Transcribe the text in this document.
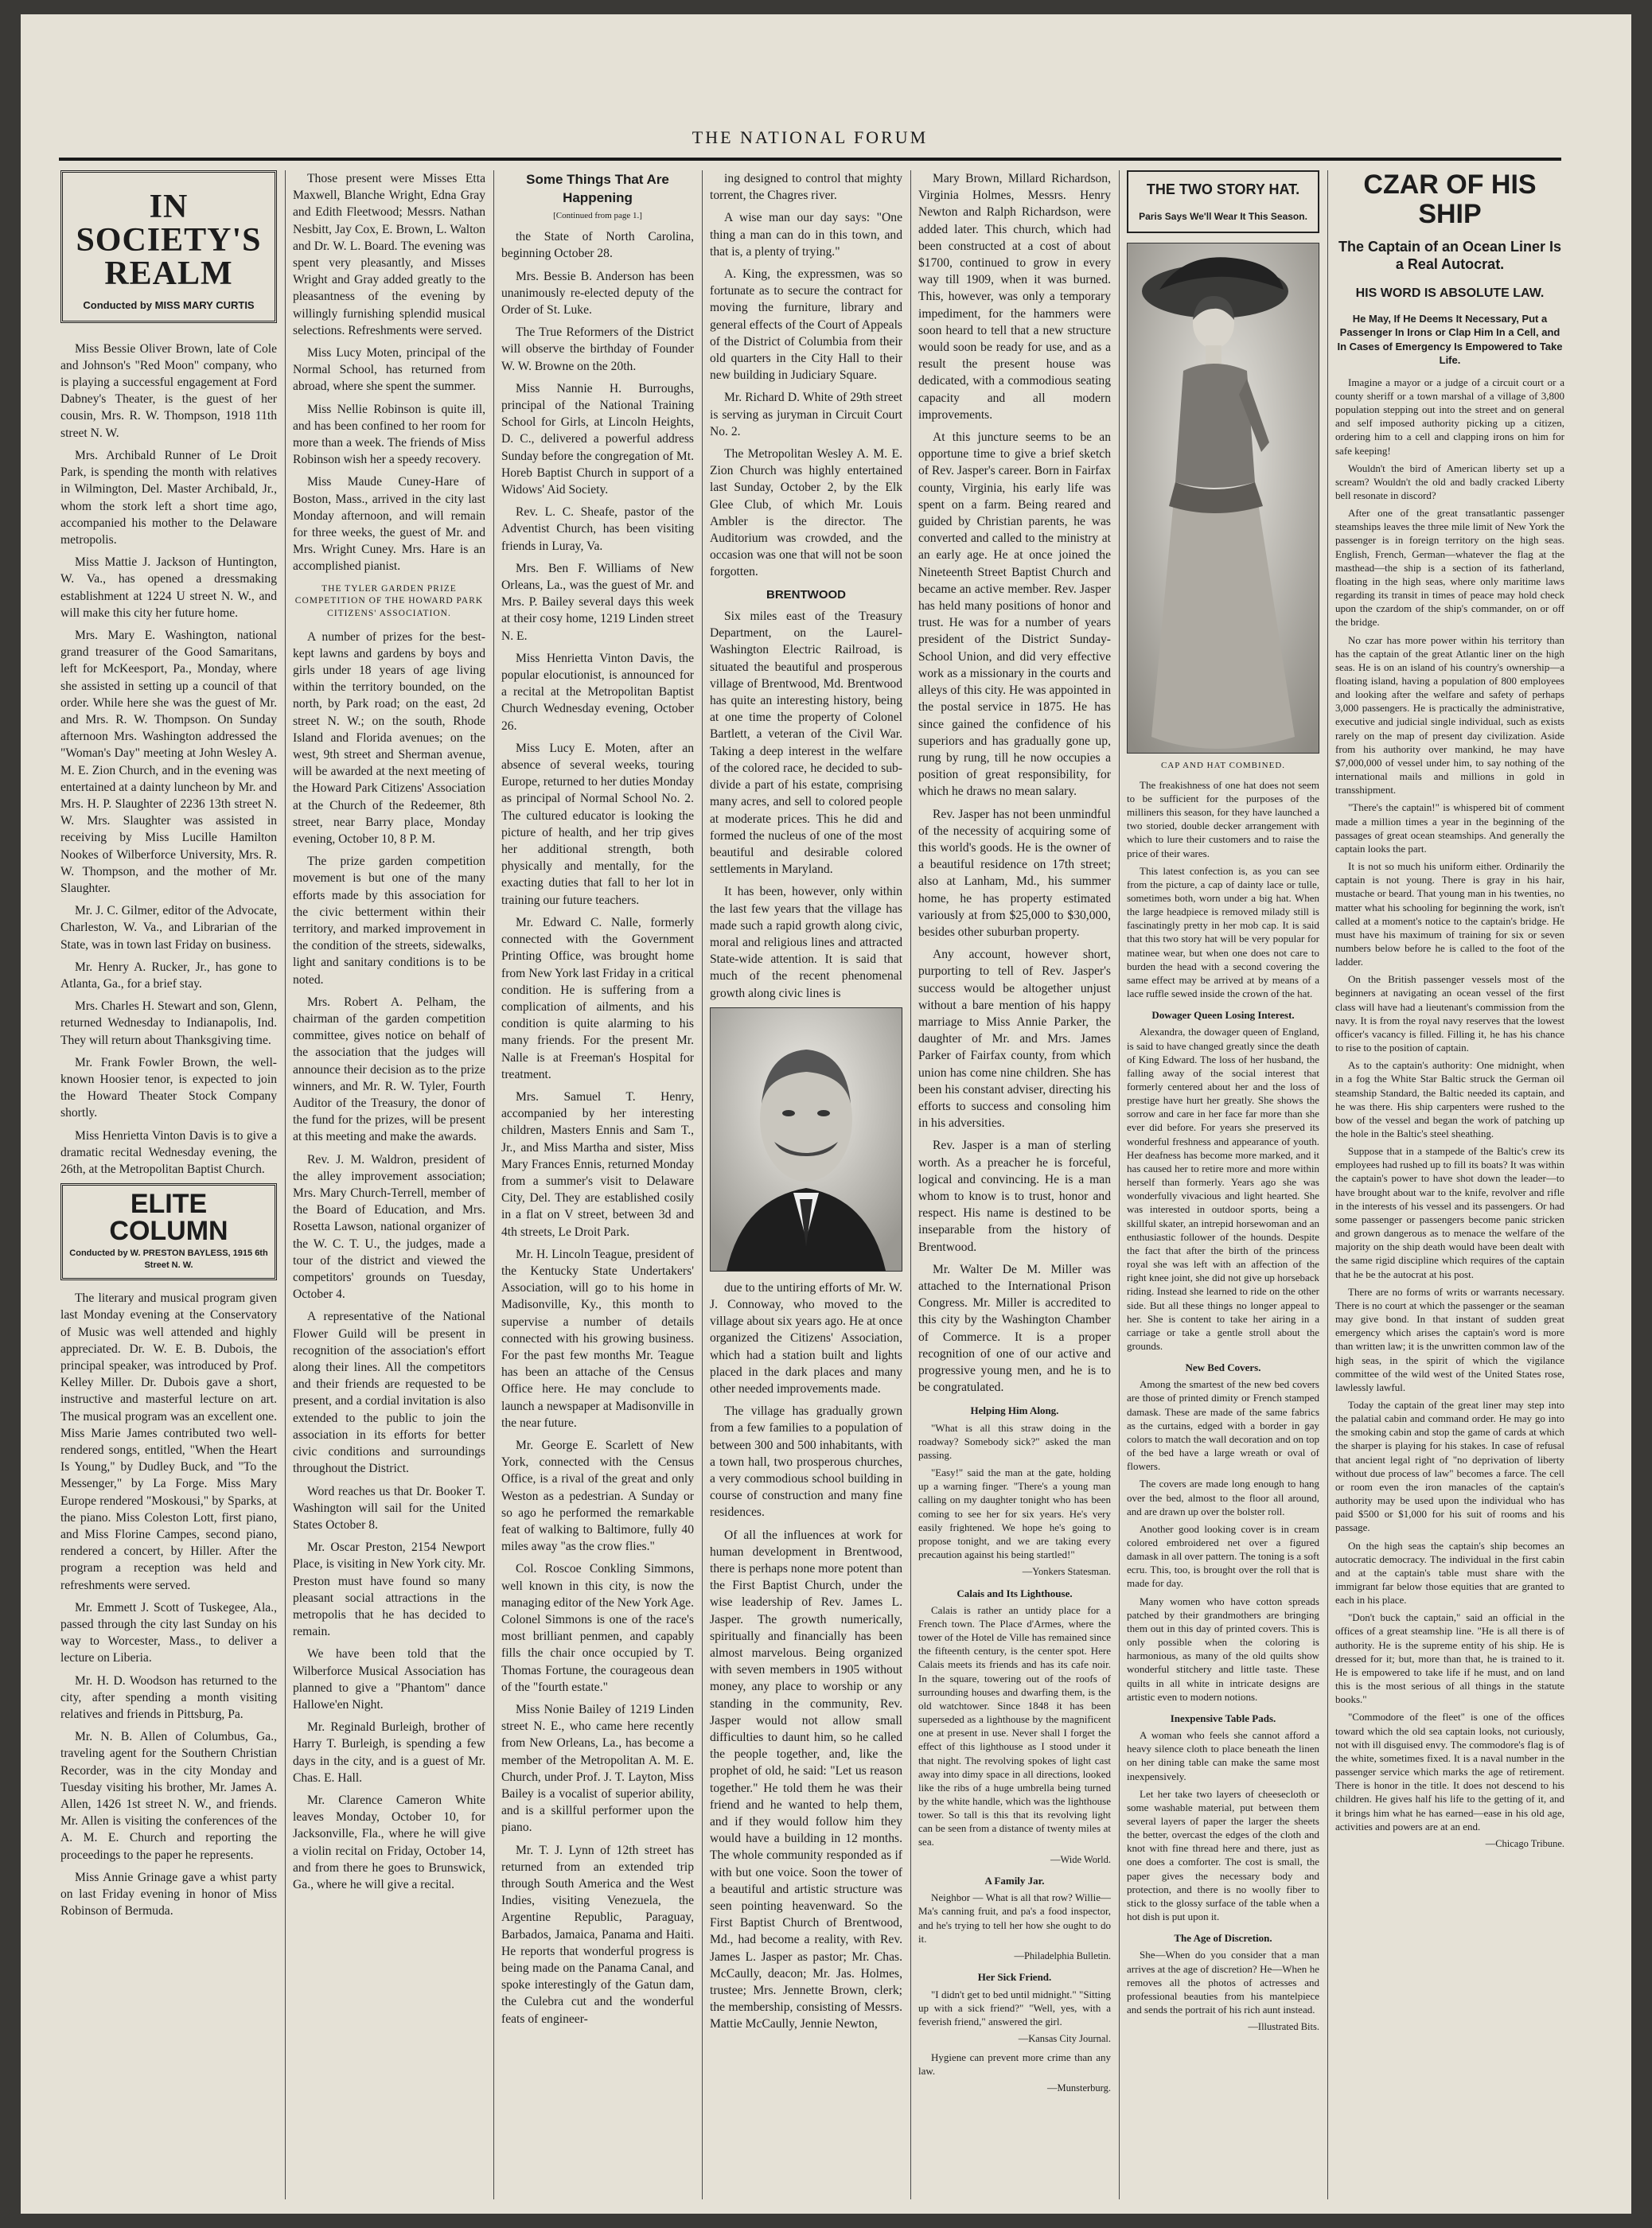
THE NATIONAL FORUM
IN SOCIETY'S REALM
Conducted by MISS MARY CURTIS

Miss Bessie Oliver Brown, late of Cole and Johnson's "Red Moon" company, who is playing a successful engagement at Ford Dabney's Theater, is the guest of her cousin, Mrs. R. W. Thompson, 1918 11th street N. W.

Mrs. Archibald Runner of Le Droit Park, is spending the month with relatives in Wilmington, Del. Master Archibald, Jr., whom the stork left a short time ago, accompanied his mother to the Delaware metropolis.

Miss Mattie J. Jackson of Huntington, W. Va., has opened a dressmaking establishment at 1224 U street N. W., and will make this city her future home.

Mrs. Mary E. Washington, national grand treasurer of the Good Samaritans, left for McKeesport, Pa., Monday, where she assisted in setting up a council of that order. While here she was the guest of Mr. and Mrs. R. W. Thompson. On Sunday afternoon Mrs. Washington addressed the "Woman's Day" meeting at John Wesley A. M. E. Zion Church, and in the evening was entertained at a dainty luncheon by Mr. and Mrs. H. P. Slaughter of 2236 13th street N. W. Mrs. Slaughter was assisted in receiving by Miss Lucille Hamilton Nookes of Wilberforce University, Mrs. R. W. Thompson, and the mother of Mr. Slaughter.

Mr. J. C. Gilmer, editor of the Advocate, Charleston, W. Va., and Librarian of the State, was in town last Friday on business.

Mr. Henry A. Rucker, Jr., has gone to Atlanta, Ga., for a brief stay.

Mrs. Charles H. Stewart and son, Glenn, returned Wednesday to Indianapolis, Ind. They will return about Thanksgiving time.

Mr. Frank Fowler Brown, the well-known Hoosier tenor, is expected to join the Howard Theater Stock Company shortly.

Miss Henrietta Vinton Davis is to give a dramatic recital Wednesday evening, the 26th, at the Metropolitan Baptist Church.

ELITE COLUMN
Conducted by W. PRESTON BAYLESS, 1915 6th Street N. W.

The literary and musical program given last Monday evening at the Conservatory of Music was well attended and highly appreciated. Dr. W. E. B. Dubois, the principal speaker, was introduced by Prof. Kelley Miller. Dr. Dubois gave a short, instructive and masterful lecture on art. The musical program was an excellent one. Miss Marie James contributed two well-rendered songs, entitled, "When the Heart Is Young," by Dudley Buck, and "To the Messenger," by La Forge. Miss Mary Europe rendered "Moskousi," by Sparks, at the piano. Miss Coleston Lott, first piano, and Miss Florine Campes, second piano, rendered a concert, by Hiller. After the program a reception was held and refreshments were served.

Mr. Emmett J. Scott of Tuskegee, Ala., passed through the city last Sunday on his way to Worcester, Mass., to deliver a lecture on Liberia.

Mr. H. D. Woodson has returned to the city, after spending a month visiting relatives and friends in Pittsburg, Pa.

Mr. N. B. Allen of Columbus, Ga., traveling agent for the Southern Christian Recorder, was in the city Monday and Tuesday visiting his brother, Mr. James A. Allen, 1426 1st street N. W., and friends. Mr. Allen is visiting the conferences of the A. M. E. Church and reporting the proceedings to the paper he represents.

Miss Annie Grinage gave a whist party on last Friday evening in honor of Miss Robinson of Bermuda.

Those present were Misses Etta Maxwell, Blanche Wright, Edna Gray and Edith Fleetwood; Messrs. Nathan Nesbitt, Jay Cox, E. Brown, L. Walton and Dr. W. L. Board. The evening was spent very pleasantly, and Misses Wright and Gray added greatly to the pleasantness of the evening by willingly furnishing splendid musical selections. Refreshments were served.

Miss Lucy Moten, principal of the Normal School, has returned from abroad, where she spent the summer.

Miss Nellie Robinson is quite ill, and has been confined to her room for more than a week. The friends of Miss Robinson wish her a speedy recovery.

Miss Maude Cuney-Hare of Boston, Mass., arrived in the city last Monday afternoon, and will remain for three weeks, the guest of Mr. and Mrs. Wright Cuney. Mrs. Hare is an accomplished pianist.

THE TYLER GARDEN PRIZE COMPETITION OF THE HOWARD PARK CITIZENS' ASSOCIATION.

A number of prizes for the best-kept lawns and gardens by boys and girls under 18 years of age living within the territory bounded, on the north, by Park road; on the east, 2d street N. W.; on the south, Rhode Island and Florida avenues; on the west, 9th street and Sherman avenue, will be awarded at the next meeting of the Howard Park Citizens' Association at the Church of the Redeemer, 8th street, near Barry place, Monday evening, October 10, 8 P. M.

The prize garden competition movement is but one of the many efforts made by this association for the civic betterment within their territory, and marked improvement in the condition of the streets, sidewalks, light and sanitary conditions is to be noted.

Mrs. Robert A. Pelham, the chairman of the garden competition committee, gives notice on behalf of the association that the judges will announce their decision as to the prize winners, and Mr. R. W. Tyler, Fourth Auditor of the Treasury, the donor of the fund for the prizes, will be present at this meeting and make the awards.

Rev. J. M. Waldron, president of the alley improvement association; Mrs. Mary Church-Terrell, member of the Board of Education, and Mrs. Rosetta Lawson, national organizer of the W. C. T. U., the judges, made a tour of the district and viewed the competitors' grounds on Tuesday, October 4.

A representative of the National Flower Guild will be present in recognition of the association's effort along their lines. All the competitors and their friends are requested to be present, and a cordial invitation is also extended to the public to join the association in its efforts for better civic conditions and surroundings throughout the District.

Word reaches us that Dr. Booker T. Washington will sail for the United States October 8.

Mr. Oscar Preston, 2154 Newport Place, is visiting in New York city. Mr. Preston must have found so many pleasant social attractions in the metropolis that he has decided to remain.

We have been told that the Wilberforce Musical Association has planned to give a "Phantom" dance Hallowe'en Night.

Mr. Reginald Burleigh, brother of Harry T. Burleigh, is spending a few days in the city, and is a guest of Mr. Chas. E. Hall.

Mr. Clarence Cameron White leaves Monday, October 10, for Jacksonville, Fla., where he will give a violin recital on Friday, October 14, and from there he goes to Brunswick, Ga., where he will give a recital.

Some Things That Are Happening
[Continued from page 1.]

the State of North Carolina, beginning October 28.

Mrs. Bessie B. Anderson has been unanimously re-elected deputy of the Order of St. Luke.

The True Reformers of the District will observe the birthday of Founder W. W. Browne on the 20th.

Miss Nannie H. Burroughs, principal of the National Training School for Girls, at Lincoln Heights, D. C., delivered a powerful address Sunday before the congregation of Mt. Horeb Baptist Church in support of a Widows' Aid Society.

Rev. L. C. Sheafe, pastor of the Adventist Church, has been visiting friends in Luray, Va.

Mrs. Ben F. Williams of New Orleans, La., was the guest of Mr. and Mrs. P. Bailey several days this week at their cosy home, 1219 Linden street N. E.

Miss Henrietta Vinton Davis, the popular elocutionist, is announced for a recital at the Metropolitan Baptist Church Wednesday evening, October 26.

Miss Lucy E. Moten, after an absence of several weeks, touring Europe, returned to her duties Monday as principal of Normal School No. 2. The cultured educator is looking the picture of health, and her trip gives her additional strength, both physically and mentally, for the exacting duties that fall to her lot in training our future teachers.

Mr. Edward C. Nalle, formerly connected with the Government Printing Office, was brought home from New York last Friday in a critical condition. He is suffering from a complication of ailments, and his condition is quite alarming to his many friends. For the present Mr. Nalle is at Freeman's Hospital for treatment.

Mrs. Samuel T. Henry, accompanied by her interesting children, Masters Ennis and Sam T., Jr., and Miss Martha and sister, Miss Mary Frances Ennis, returned Monday from a summer's visit to Delaware City, Del. They are established cosily in a flat on V street, between 3d and 4th streets, Le Droit Park.

Mr. H. Lincoln Teague, president of the Kentucky State Undertakers' Association, will go to his home in Madisonville, Ky., this month to supervise a number of details connected with his growing business. For the past few months Mr. Teague has been an attache of the Census Office here. He may conclude to launch a newspaper at Madisonville in the near future.

Mr. George E. Scarlett of New York, connected with the Census Office, is a rival of the great and only Weston as a pedestrian. A Sunday or so ago he performed the remarkable feat of walking to Baltimore, fully 40 miles away "as the crow flies."

Col. Roscoe Conkling Simmons, well known in this city, is now the managing editor of the New York Age. Colonel Simmons is one of the race's most brilliant penmen, and capably fills the chair once occupied by T. Thomas Fortune, the courageous dean of the "fourth estate."

Miss Nonie Bailey of 1219 Linden street N. E., who came here recently from New Orleans, La., has become a member of the Metropolitan A. M. E. Church, under Prof. J. T. Layton, Miss Bailey is a vocalist of superior ability, and is a skillful performer upon the piano.

Mr. T. J. Lynn of 12th street has returned from an extended trip through South America and the West Indies, visiting Venezuela, the Argentine Republic, Paraguay, Barbados, Jamaica, Panama and Haiti. He reports that wonderful progress is being made on the Panama Canal, and spoke interestingly of the Gatun dam, the Culebra cut and the wonderful feats of engineer-

ing designed to control that mighty torrent, the Chagres river.

A wise man our day says: "One thing a man can do in this town, and that is, a plenty of trying."

A. King, the expressmen, was so fortunate as to secure the contract for moving the furniture, library and general effects of the Court of Appeals of the District of Columbia from their old quarters in the City Hall to their new building in Judiciary Square.

Mr. Richard D. White of 29th street is serving as juryman in Circuit Court No. 2.

The Metropolitan Wesley A. M. E. Zion Church was highly entertained last Sunday, October 2, by the Elk Glee Club, of which Mr. Louis Ambler is the director. The Auditorium was crowded, and the occasion was one that will not be soon forgotten.

BRENTWOOD

Six miles east of the Treasury Department, on the Laurel-Washington Electric Railroad, is situated the beautiful and prosperous village of Brentwood, Md. Brentwood has quite an interesting history, being at one time the property of Colonel Bartlett, a veteran of the Civil War. Taking a deep interest in the welfare of the colored race, he decided to sub-divide a part of his estate, comprising many acres, and sell to colored people at moderate prices. This he did and formed the nucleus of one of the most beautiful and desirable colored settlements in Maryland.

It has been, however, only within the last few years that the village has made such a rapid growth along civic, moral and religious lines and attracted State-wide attention. It is said that much of the recent phenomenal growth along civic lines is

due to the untiring efforts of Mr. W. J. Connoway, who moved to the village about six years ago. He at once organized the Citizens' Association, which had a station built and lights placed in the dark places and many other needed improvements made.

The village has gradually grown from a few families to a population of between 300 and 500 inhabitants, with a town hall, two prosperous churches, a very commodious school building in course of construction and many fine residences.

Of all the influences at work for human development in Brentwood, there is perhaps none more potent than the First Baptist Church, under the wise leadership of Rev. James L. Jasper. The growth numerically, spiritually and financially has been almost marvelous. Being organized with seven members in 1905 without money, any place to worship or any standing in the community, Rev. Jasper would not allow small difficulties to daunt him, so he called the people together, and, like the prophet of old, he said: "Let us reason together." He told them he was their friend and he wanted to help them, and if they would follow him they would have a building in 12 months. The whole community responded as if with but one voice. Soon the tower of a beautiful and artistic structure was seen pointing heavenward. So the First Baptist Church of Brentwood, Md., had become a reality, with Rev. James L. Jasper as pastor; Mr. Chas. McCaully, deacon; Mr. Jas. Holmes, trustee; Mrs. Jennette Brown, clerk; the membership, consisting of Messrs. Mattie McCaully, Jennie Newton,

Mary Brown, Millard Richardson, Virginia Holmes, Messrs. Henry Newton and Ralph Richardson, were added later. This church, which had been constructed at a cost of about $1700, continued to grow in every way till 1909, when it was burned. This, however, was only a temporary impediment, for the hammers were soon heard to tell that a new structure would soon be ready for use, and as a result the present house was dedicated, with a commodious seating capacity and all modern improvements.

At this juncture seems to be an opportune time to give a brief sketch of Rev. Jasper's career. Born in Fairfax county, Virginia, his early life was spent on a farm. Being reared and guided by Christian parents, he was converted and called to the ministry at an early age. He at once joined the Nineteenth Street Baptist Church and became an active member. Rev. Jasper has held many positions of honor and trust. He was for a number of years president of the District Sunday-School Union, and did very effective work as a missionary in the courts and alleys of this city. He was appointed in the postal service in 1875. He has since gained the confidence of his superiors and has gradually gone up, rung by rung, till he now occupies a position of great responsibility, for which he draws no mean salary.

Rev. Jasper has not been unmindful of the necessity of acquiring some of this world's goods. He is the owner of a beautiful residence on 17th street; also at Lanham, Md., his summer home, he has property estimated variously at from $25,000 to $30,000, besides other suburban property.

Any account, however short, purporting to tell of Rev. Jasper's success would be altogether unjust without a bare mention of his happy marriage to Miss Annie Parker, the daughter of Mr. and Mrs. James Parker of Fairfax county, from which union has come nine children. She has been his constant adviser, directing his efforts to success and consoling him in his adversities.

Rev. Jasper is a man of sterling worth. As a preacher he is forceful, logical and convincing. He is a man whom to know is to trust, honor and respect. His name is destined to be inseparable from the history of Brentwood.

Mr. Walter De M. Miller was attached to the International Prison Congress. Mr. Miller is accredited to this city by the Washington Chamber of Commerce. It is a proper recognition of one of our active and progressive young men, and he is to be congratulated.

Helping Him Along.

"What is all this straw doing in the roadway? Somebody sick?" asked the man passing.

"Easy!" said the man at the gate, holding up a warning finger. "There's a young man calling on my daughter tonight who has been coming to see her for six years. He's very easily frightened. We hope he's going to propose tonight, and we are taking every precaution against his being startled!"

—Yonkers Statesman.
Calais and Its Lighthouse.

Calais is rather an untidy place for a French town. The Place d'Armes, where the tower of the Hotel de Ville has remained since the fifteenth century, is the center spot. Here Calais meets its friends and has its cafe noir. In the square, towering out of the roofs of surrounding houses and dwarfing them, is the old watchtower. Since 1848 it has been superseded as a lighthouse by the magnificent one at present in use. Never shall I forget the effect of this lighthouse as I stood under it that night. The revolving spokes of light cast away into dimy space in all directions, looked like the ribs of a huge umbrella being turned by the white handle, which was the lighthouse tower. So tall is this that its revolving light can be seen from a distance of twenty miles at sea.

—Wide World.
A Family Jar.

Neighbor — What is all that row? Willie—Ma's canning fruit, and pa's a food inspector, and he's trying to tell her how she ought to do it.

—Philadelphia Bulletin.
Her Sick Friend.

"I didn't get to bed until midnight." "Sitting up with a sick friend?" "Well, yes, with a feverish friend," answered the girl.

—Kansas City Journal.

Hygiene can prevent more crime than any law.

—Munsterburg.
THE TWO STORY HAT.
Paris Says We'll Wear It This Season.
CAP AND HAT COMBINED.

The freakishness of one hat does not seem to be sufficient for the purposes of the milliners this season, for they have launched a two storied, double decker arrangement with which to lure their customers and to raise the price of their wares.

This latest confection is, as you can see from the picture, a cap of dainty lace or tulle, sometimes both, worn under a big hat. When the large headpiece is removed milady still is fascinatingly pretty in her mob cap. It is said that this two story hat will be very popular for matinee wear, but when one does not care to burden the head with a second covering the same effect may be arrived at by means of a lace ruffle sewed inside the crown of the hat.

Dowager Queen Losing Interest.

Alexandra, the dowager queen of England, is said to have changed greatly since the death of King Edward. The loss of her husband, the falling away of the social interest that formerly centered about her and the loss of prestige have hurt her greatly. She shows the sorrow and care in her face far more than she ever did before. For years she preserved its wonderful freshness and appearance of youth. Her deafness has become more marked, and it has caused her to retire more and more within herself than formerly. Years ago she was wonderfully vivacious and light hearted. She was interested in outdoor sports, being a skillful skater, an intrepid horsewoman and an enthusiastic follower of the hounds. Despite the fact that after the birth of the princess royal she was left with an affection of the right knee joint, she did not give up horseback riding. Instead she learned to ride on the other side. But all these things no longer appeal to her. She is content to take her airing in a carriage or take a gentle stroll about the grounds.

New Bed Covers.

Among the smartest of the new bed covers are those of printed dimity or French stamped damask. These are made of the same fabrics as the curtains, edged with a border in gay colors to match the wall decoration and on top of the bed have a large wreath or oval of flowers.

The covers are made long enough to hang over the bed, almost to the floor all around, and are drawn up over the bolster roll.

Another good looking cover is in cream colored embroidered net over a figured damask in all over pattern. The toning is a soft ecru. This, too, is brought over the roll that is made for day.

Many women who have cotton spreads patched by their grandmothers are bringing them out in this day of printed covers. This is only possible when the coloring is harmonious, as many of the old quilts show wonderful stitchery and little taste. These quilts in all white in intricate designs are artistic even to modern notions.

Inexpensive Table Pads.

A woman who feels she cannot afford a heavy silence cloth to place beneath the linen on her dining table can make the same most inexpensively.

Let her take two layers of cheesecloth or some washable material, put between them several layers of paper the larger the sheets the better, overcast the edges of the cloth and knot with fine thread here and there, just as one does a comforter. The cost is small, the paper gives the necessary body and protection, and there is no woolly fiber to stick to the glossy surface of the table when a hot dish is put upon it.

The Age of Discretion.

She—When do you consider that a man arrives at the age of discretion? He—When he removes all the photos of actresses and professional beauties from his mantelpiece and sends the portrait of his rich aunt instead.

—Illustrated Bits.
CZAR OF HIS SHIP
The Captain of an Ocean Liner Is a Real Autocrat.
HIS WORD IS ABSOLUTE LAW.
He May, If He Deems It Necessary, Put a Passenger In Irons or Clap Him In a Cell, and In Cases of Emergency Is Empowered to Take Life.

Imagine a mayor or a judge of a circuit court or a county sheriff or a town marshal of a village of 3,800 population stepping out into the street and on general and self imposed authority picking up a citizen, ordering him to a cell and clapping irons on him for safe keeping!

Wouldn't the bird of American liberty set up a scream? Wouldn't the old and badly cracked Liberty bell resonate in discord?

After one of the great transatlantic passenger steamships leaves the three mile limit of New York the passenger is in foreign territory on the high seas. English, French, German—whatever the flag at the masthead—the ship is a section of its fatherland, floating in the high seas, where only maritime laws regarding its transit in times of peace may hold check upon the czardom of the ship's commander, on or off the bridge.

No czar has more power within his territory than has the captain of the great Atlantic liner on the high seas. He is on an island of his country's ownership—a floating island, having a population of 800 employees and looking after the welfare and safety of perhaps 3,000 passengers. He is practically the administrative, executive and judicial single individual, such as exists rarely on the map of present day civilization. Aside from his authority over mankind, he may have $7,000,000 of vessel under him, to say nothing of the international mails and millions in gold in transshipment.

"There's the captain!" is whispered bit of comment made a million times a year in the beginning of the passages of great ocean steamships. And generally the captain looks the part.

It is not so much his uniform either. Ordinarily the captain is not young. There is gray in his hair, mustache or beard. That young man in his twenties, no matter what his schooling for beginning the work, isn't called at a moment's notice to the captain's bridge. He must have his maximum of training for six or seven numbers below before he is called to the foot of the ladder.

On the British passenger vessels most of the beginners at navigating an ocean vessel of the first class will have had a lieutenant's commission from the navy. It is from the royal navy reserves that the lowest officer's vacancy is filled. Filling it, he has his chance to rise to the position of captain.

As to the captain's authority: One midnight, when in a fog the White Star Baltic struck the German oil steamship Standard, the Baltic needed its captain, and he was there. His ship carpenters were rushed to the bow of the vessel and began the work of patching up the hole in the Baltic's steel sheathing.

Suppose that in a stampede of the Baltic's crew its employees had rushed up to fill its boats? It was within the captain's power to have shot down the leader—to have brought about war to the knife, revolver and rifle in the interests of his vessel and its passengers. Or had some passenger or passengers become panic stricken and grown dangerous as to menace the welfare of the majority on the ship death would have been dealt with the same rigid discipline which requires of the captain that he be the autocrat at his post.

There are no forms of writs or warrants necessary. There is no court at which the passenger or the seaman may give bond. In that instant of sudden great emergency which arises the captain's word is more than written law; it is the unwritten common law of the high seas, in the spirit of which the vigilance committee of the wild west of the United States rose, lawlessly lawful.

Today the captain of the great liner may step into the palatial cabin and command order. He may go into the smoking cabin and stop the game of cards at which the sharper is playing for his stakes. In case of refusal that ancient legal right of "no deprivation of liberty without due process of law" becomes a farce. The cell or room even the iron manacles of the captain's authority may be used upon the individual who has paid $500 or $1,000 for his suit of rooms and his passage.

On the high seas the captain's ship becomes an autocratic democracy. The individual in the first cabin and at the captain's table must share with the immigrant far below those equities that are granted to each in his place.

"Don't buck the captain," said an official in the offices of a great steamship line. "He is all there is of authority. He is the supreme entity of his ship. He is dressed for it; but, more than that, he is trained to it. He is empowered to take life if he must, and on land this is the most serious of all things in the statute books."

"Commodore of the fleet" is one of the offices toward which the old sea captain looks, not curiously, not with ill disguised envy. The commodore's flag is of the white, sometimes fixed. It is a naval number in the passenger service which marks the age of retirement. There is honor in the title. It does not descend to his children. He gives half his life to the getting of it, and it brings him what he has earned—ease in his old age, activities and powers are at an end.

—Chicago Tribune.
